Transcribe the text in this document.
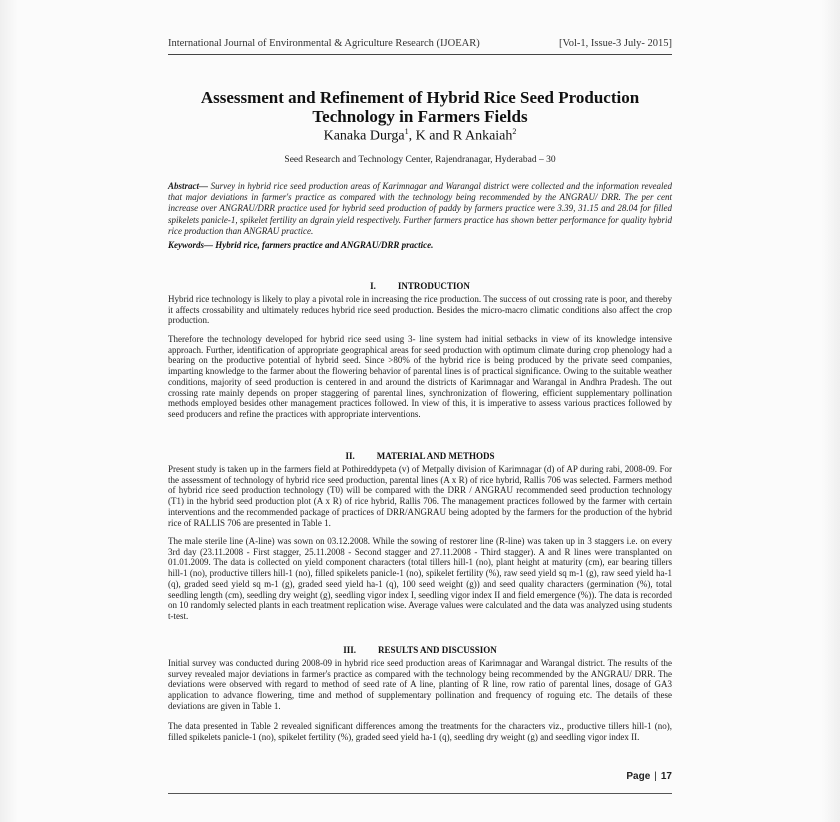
International Journal of Environmental & Agriculture Research (IJOEAR)	[Vol-1, Issue-3 July- 2015]
Assessment and Refinement of Hybrid Rice Seed Production Technology in Farmers Fields
Kanaka Durga$^1$, K and R Ankaiah$^2$
Seed Research and Technology Center, Rajendranagar, Hyderabad – 30
Abstract— Survey in hybrid rice seed production areas of Karimnagar and Warangal district were collected and the information revealed that major deviations in farmer's practice as compared with the technology being recommended by the ANGRAU/ DRR. The per cent increase over ANGRAU/DRR practice used for hybrid seed production of paddy by farmers practice were 3.39, 31.15 and 28.04 for filled spikelets panicle-1, spikelet fertility an dgrain yield respectively. Further farmers practice has shown better performance for quality hybrid rice production than ANGRAU practice.
Keywords— Hybrid rice, farmers practice and ANGRAU/DRR practice.
I. INTRODUCTION

Hybrid rice technology is likely to play a pivotal role in increasing the rice production. The success of out crossing rate is poor, and thereby it affects crossability and ultimately reduces hybrid rice seed production. Besides the micro-macro climatic conditions also affect the crop production.

Therefore the technology developed for hybrid rice seed using 3- line system had initial setbacks in view of its knowledge intensive approach. Further, identification of appropriate geographical areas for seed production with optimum climate during crop phenology had a bearing on the productive potential of hybrid seed. Since >80% of the hybrid rice is being produced by the private seed companies, imparting knowledge to the farmer about the flowering behavior of parental lines is of practical significance. Owing to the suitable weather conditions, majority of seed production is centered in and around the districts of Karimnagar and Warangal in Andhra Pradesh. The out crossing rate mainly depends on proper staggering of parental lines, synchronization of flowering, efficient supplementary pollination methods employed besides other management practices followed. In view of this, it is imperative to assess various practices followed by seed producers and refine the practices with appropriate interventions.

II. MATERIAL AND METHODS

Present study is taken up in the farmers field at Pothireddypeta (v) of Metpally division of Karimnagar (d) of AP during rabi, 2008-09. For the assessment of technology of hybrid rice seed production, parental lines (A x R) of rice hybrid, Rallis 706 was selected. Farmers method of hybrid rice seed production technology (T0) will be compared with the DRR / ANGRAU recommended seed production technology (T1) in the hybrid seed production plot (A x R) of rice hybrid, Rallis 706. The management practices followed by the farmer with certain interventions and the recommended package of practices of DRR/ANGRAU being adopted by the farmers for the production of the hybrid rice of RALLIS 706 are presented in Table 1.

The male sterile line (A-line) was sown on 03.12.2008. While the sowing of restorer line (R-line) was taken up in 3 staggers i.e. on every 3rd day (23.11.2008 - First stagger, 25.11.2008 - Second stagger and 27.11.2008 - Third stagger). A and R lines were transplanted on 01.01.2009. The data is collected on yield component characters (total tillers hill-1 (no), plant height at maturity (cm), ear bearing tillers hill-1 (no), productive tillers hill-1 (no), filled spikelets panicle-1 (no), spikelet fertility (%), raw seed yield sq m-1 (g), raw seed yield ha-1 (q), graded seed yield sq m-1 (g), graded seed yield ha-1 (q), 100 seed weight (g)) and seed quality characters (germination (%), total seedling length (cm), seedling dry weight (g), seedling vigor index I, seedling vigor index II and field emergence (%)). The data is recorded on 10 randomly selected plants in each treatment replication wise. Average values were calculated and the data was analyzed using students t-test.

III. RESULTS AND DISCUSSION

Initial survey was conducted during 2008-09 in hybrid rice seed production areas of Karimnagar and Warangal district. The results of the survey revealed major deviations in farmer's practice as compared with the technology being recommended by the ANGRAU/ DRR. The deviations were observed with regard to method of seed rate of A line, planting of R line, row ratio of parental lines, dosage of GA3 application to advance flowering, time and method of supplementary pollination and frequency of roguing etc. The details of these deviations are given in Table 1.

The data presented in Table 2 revealed significant differences among the treatments for the characters viz., productive tillers hill-1 (no), filled spikelets panicle-1 (no), spikelet fertility (%), graded seed yield ha-1 (q), seedling dry weight (g) and seedling vigor index II.

Page | 17
